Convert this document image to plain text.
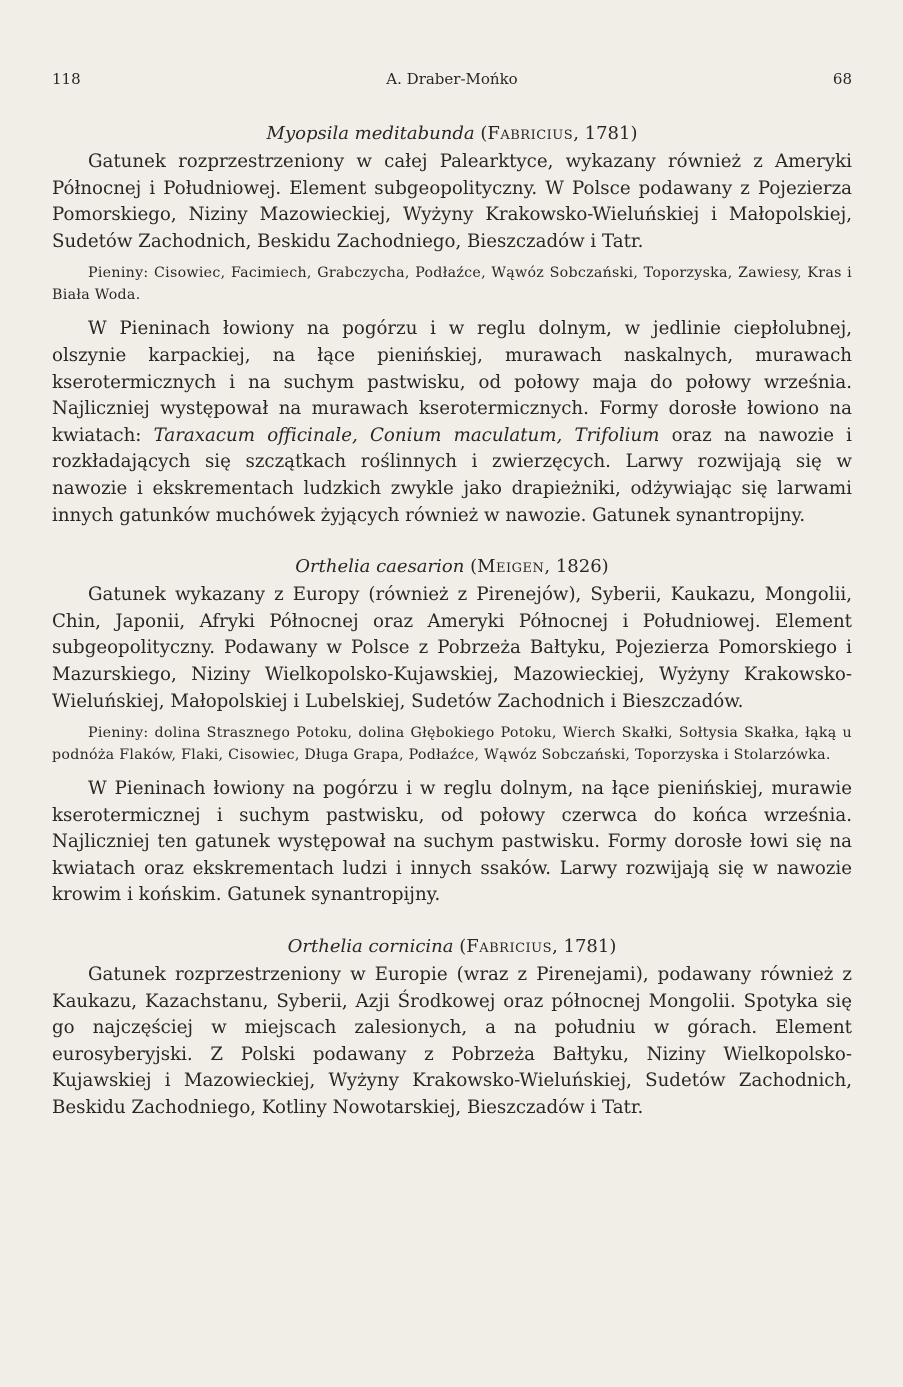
118	A. Draber-Mońko	68
Myopsila meditabunda (Fabricius, 1781)

Gatunek rozprzestrzeniony w całej Palearktyce, wykazany również z Ameryki Północnej i Południowej. Element subgeopolityczny. W Polsce podawany z Pojezierza Pomorskiego, Niziny Mazowieckiej, Wyżyny Krakowsko-Wieluńskiej i Małopolskiej, Sudetów Zachodnich, Beskidu Zachodniego, Bieszczadów i Tatr.

Pieniny: Cisowiec, Facimiech, Grabczycha, Podłaźce, Wąwóz Sobczański, Toporzyska, Zawiesy, Kras i Biała Woda.

W Pieninach łowiony na pogórzu i w reglu dolnym, w jedlinie ciepłolubnej, olszynie karpackiej, na łące pienińskiej, murawach naskalnych, murawach kserotermicznych i na suchym pastwisku, od połowy maja do połowy września. Najliczniej występował na murawach kserotermicznych. Formy dorosłe łowiono na kwiatach: Taraxacum officinale, Conium maculatum, Trifolium oraz na nawozie i rozkładających się szczątkach roślinnych i zwierzęcych. Larwy rozwijają się w nawozie i ekskrementach ludzkich zwykle jako drapieżniki, odżywiając się larwami innych gatunków muchówek żyjących również w nawozie. Gatunek synantropijny.

Orthelia caesarion (Meigen, 1826)

Gatunek wykazany z Europy (również z Pirenejów), Syberii, Kaukazu, Mongolii, Chin, Japonii, Afryki Północnej oraz Ameryki Północnej i Południowej. Element subgeopolityczny. Podawany w Polsce z Pobrzeża Bałtyku, Pojezierza Pomorskiego i Mazurskiego, Niziny Wielkopolsko-Kujawskiej, Mazowieckiej, Wyżyny Krakowsko-Wieluńskiej, Małopolskiej i Lubelskiej, Sudetów Zachodnich i Bieszczadów.

Pieniny: dolina Strasznego Potoku, dolina Głębokiego Potoku, Wierch Skałki, Sołtysia Skałka, łąką u podnóża Flaków, Flaki, Cisowiec, Długa Grapa, Podłaźce, Wąwóz Sobczański, Toporzyska i Stolarzówka.

W Pieninach łowiony na pogórzu i w reglu dolnym, na łące pienińskiej, murawie kserotermicznej i suchym pastwisku, od połowy czerwca do końca września. Najliczniej ten gatunek występował na suchym pastwisku. Formy dorosłe łowi się na kwiatach oraz ekskrementach ludzi i innych ssaków. Larwy rozwijają się w nawozie krowim i końskim. Gatunek synantropijny.

Orthelia cornicina (Fabricius, 1781)

Gatunek rozprzestrzeniony w Europie (wraz z Pirenejami), podawany również z Kaukazu, Kazachstanu, Syberii, Azji Środkowej oraz północnej Mongolii. Spotyka się go najczęściej w miejscach zalesionych, a na południu w górach. Element eurosyberyjski. Z Polski podawany z Pobrzeża Bałtyku, Niziny Wielkopolsko-Kujawskiej i Mazowieckiej, Wyżyny Krakowsko-Wieluńskiej, Sudetów Zachodnich, Beskidu Zachodniego, Kotliny Nowotarskiej, Bieszczadów i Tatr.
